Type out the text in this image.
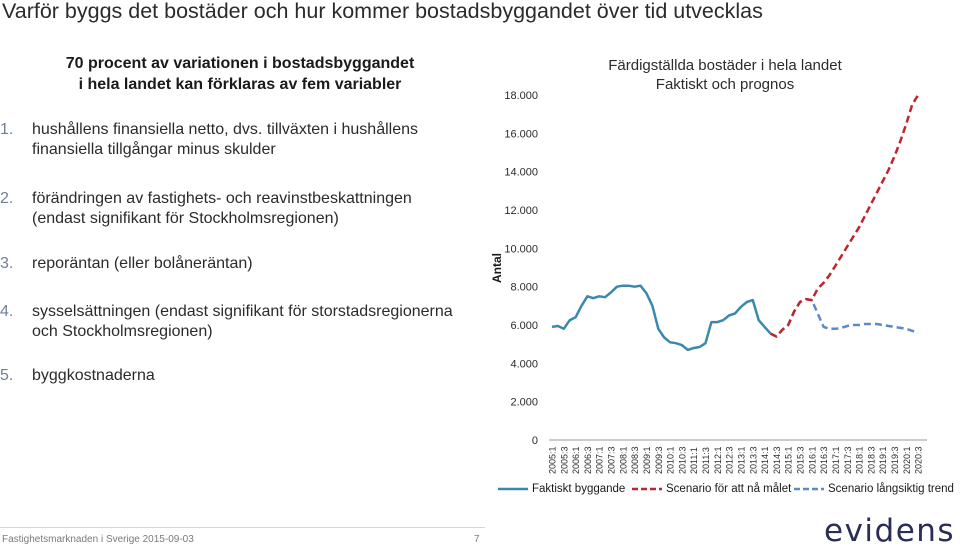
Varför byggs det bostäder och hur kommer bostadsbyggandet över tid utvecklas
70 procent av variationen i bostadsbyggandet
i hela landet kan förklaras av fem variabler
1. hushållens finansiella netto, dvs. tillväxten i hushållens finansiella tillgångar minus skulder
2. förändringen av fastighets- och reavinstbeskattningen (endast signifikant för Stockholmsregionen)
3. reporäntan (eller bolåneräntan)
4. sysselsättningen (endast signifikant för storstadsregionerna och Stockholmsregionen)
5. byggkostnaderna
Färdigställda bostäder i hela landet
Faktiskt och prognos
Antal
0
2.000
4.000
6.000
8.000
10.000
12.000
14.000
16.000
18.000
2005:1 2005:3 2006:1 2006:3 2007:1 2007:3 2008:1 2008:3 2009:1 2009:3 2010:1 2010:3 2011:1 2011:3 2012:1 2012:3 2013:1 2013:3 2014:1 2014:3 2015:1 2015:3 2016:1 2016:3 2017:1 2017:3 2018:1 2018:3 2019:1 2019:3 2020:1 2020:3
Faktiskt byggande	Scenario för att nå målet	Scenario långsiktig trend
Fastighetsmarknaden i Sverige 2015-09-03	7	evidens
